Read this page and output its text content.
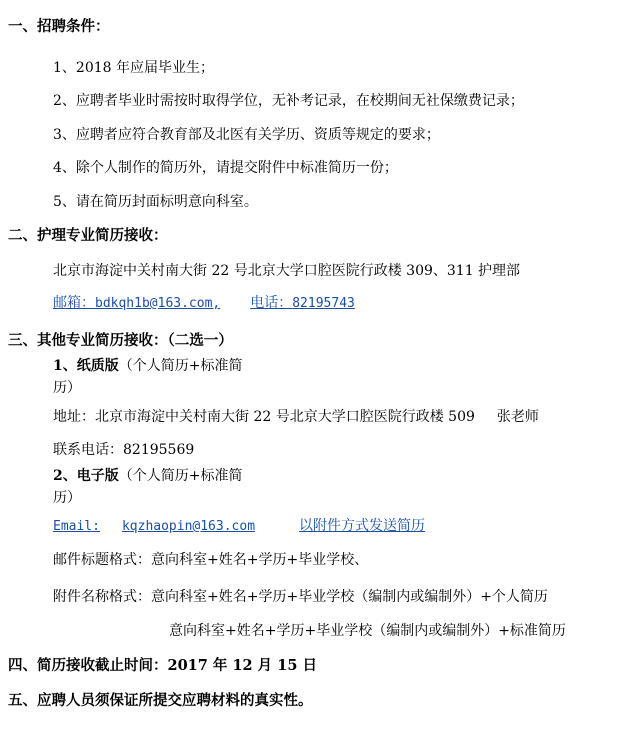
一、招聘条件：
1、2018 年应届毕业生；
2、应聘者毕业时需按时取得学位，无补考记录，在校期间无社保缴费记录；
3、应聘者应符合教育部及北医有关学历、资质等规定的要求；
4、除个人制作的简历外，请提交附件中标准简历一份；
5、请在简历封面标明意向科室。
二、护理专业简历接收：
北京市海淀中关村南大街 22 号北京大学口腔医院行政楼 309、311 护理部
邮箱：bdkqh1b@163.com, 电话：82195743
三、其他专业简历接收：（二选一）
1、纸质版（个人简历+标准简
历）
地址：北京市海淀中关村南大街 22 号北京大学口腔医院行政楼 509 张老师
联系电话：82195569
2、电子版（个人简历+标准简
历）
Email: kqzhaopin@163.com	以附件方式发送简历
邮件标题格式：意向科室+姓名+学历+毕业学校、
附件名称格式：意向科室+姓名+学历+毕业学校（编制内或编制外）+个人简历
意向科室+姓名+学历+毕业学校（编制内或编制外）+标准简历
四、简历接收截止时间：2017 年 12 月 15 日
五、应聘人员须保证所提交应聘材料的真实性。
